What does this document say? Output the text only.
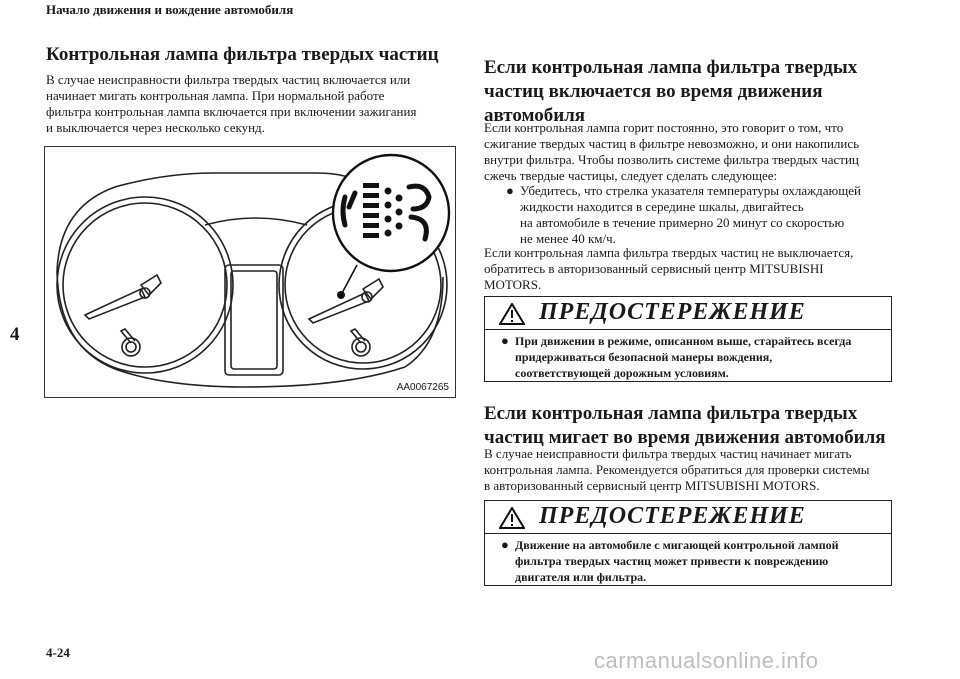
Начало движения и вождение автомобиля
4
Контрольная лампа фильтра твердых частиц
В случае неисправности фильтра твердых частиц включается или
начинает мигать контрольная лампа. При нормальной работе
фильтра контрольная лампа включается при включении зажигания
и выключается через несколько секунд.
AA0067265
Если контрольная лампа фильтра твердых
частиц включается во время движения
автомобиля
Если контрольная лампа горит постоянно, это говорит о том, что
сжигание твердых частиц в фильтре невозможно, и они накопились
внутри фильтра. Чтобы позволить системе фильтра твердых частиц
сжечь твердые частицы, следует сделать следующее:
● Убедитесь, что стрелка указателя температуры охлаждающей
жидкости находится в середине шкалы, двигайтесь
на автомобиле в течение примерно 20 минут со скоростью
не менее 40 км/ч.
Если контрольная лампа фильтра твердых частиц не выключается,
обратитесь в авторизованный сервисный центр MITSUBISHI
MOTORS.
ПРЕДОСТЕРЕЖЕНИЕ
● При движении в режиме, описанном выше, старайтесь всегда
придерживаться безопасной манеры вождения,
соответствующей дорожным условиям.
Если контрольная лампа фильтра твердых
частиц мигает во время движения автомобиля
В случае неисправности фильтра твердых частиц начинает мигать
контрольная лампа. Рекомендуется обратиться для проверки системы
в авторизованный сервисный центр MITSUBISHI MOTORS.
ПРЕДОСТЕРЕЖЕНИЕ
● Движение на автомобиле с мигающей контрольной лампой
фильтра твердых частиц может привести к повреждению
двигателя или фильтра.
4-24	carmanualsonline.info
